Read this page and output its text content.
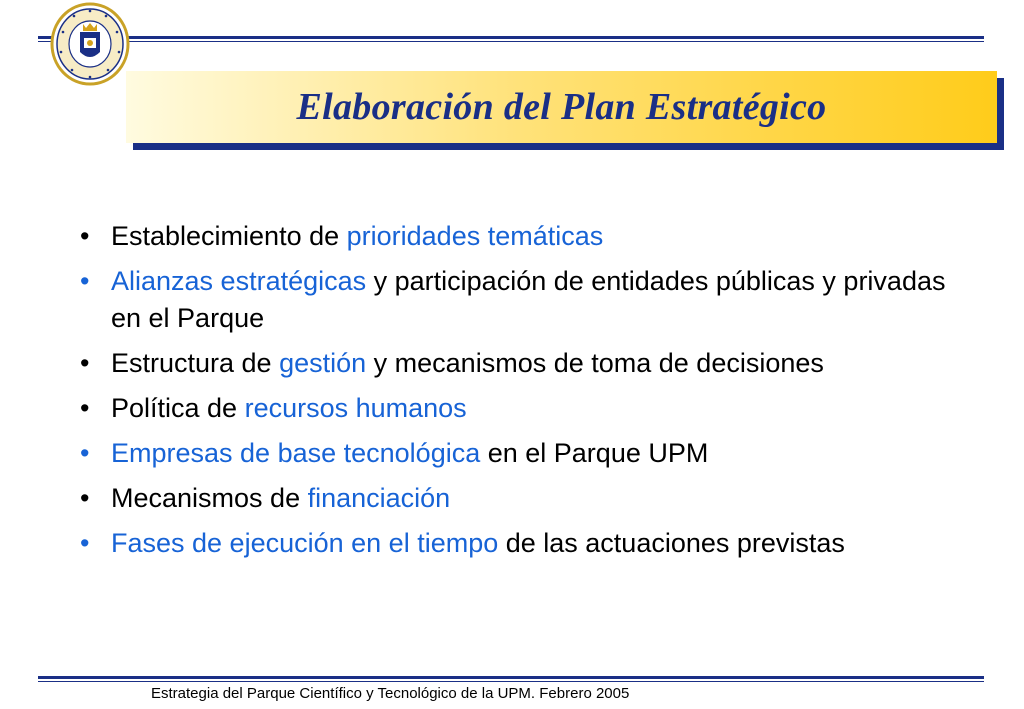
Elaboración del Plan Estratégico
• Establecimiento de prioridades temáticas
• Alianzas estratégicas y participación de entidades públicas y privadas en el Parque
• Estructura de gestión y mecanismos de toma de decisiones
• Política de recursos humanos
• Empresas de base tecnológica en el Parque UPM
• Mecanismos de financiación
• Fases de ejecución en el tiempo de las actuaciones previstas
Estrategia del Parque Científico y Tecnológico de la UPM. Febrero 2005
